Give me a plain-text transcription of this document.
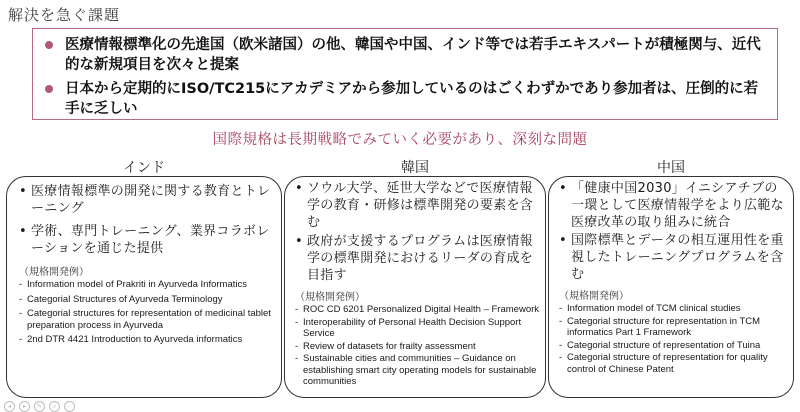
解決を急ぐ課題
医療情報標準化の先進国（欧米諸国）の他、韓国や中国、インド等では若手エキスパートが積極関与、近代的な新規項目を次々と提案
日本から定期的にISO/TC215にアカデミアから参加しているのはごくわずかであり参加者は、圧倒的に若手に乏しい
国際規格は長期戦略でみていく必要があり、深刻な問題
インド	韓国	中国
• 医療情報標準の開発に関する教育とトレーニング
• 学術、専門トレーニング、業界コラボレーションを通じた提供
（規格開発例）
- Information model of Prakriti in Ayurveda Informatics
- Categorial Structures of Ayurveda Terminology
- Categorial structures for representation of medicinal tablet preparation process in Ayurveda
- 2nd DTR 4421 Introduction to Ayurveda informatics
• ソウル大学、延世大学などで医療情報学の教育・研修は標準開発の要素を含む
• 政府が支援するプログラムは医療情報学の標準開発におけるリーダの育成を目指す
（規格開発例）
- ROC CD 6201 Personalized Digital Health – Framework
- Interoperability of Personal Health Decision Support Service
- Review of datasets for frailty assessment
- Sustainable cities and communities – Guidance on establishing smart city operating models for sustainable communities
• 「健康中国2030」イニシアチブの一環として医療情報学をより広範な医療改革の取り組みに統合
• 国際標準とデータの相互運用性を重視したトレーニングプログラムを含む
（規格開発例）
- Information model of TCM clinical studies
- Categorial structure for representation in TCM informatics Part 1 Framework
- Categorial structure of representation of Tuina
- Categorial structure of representation for quality control of Chinese Patent
◂	▸	✎	⌕	⋯
